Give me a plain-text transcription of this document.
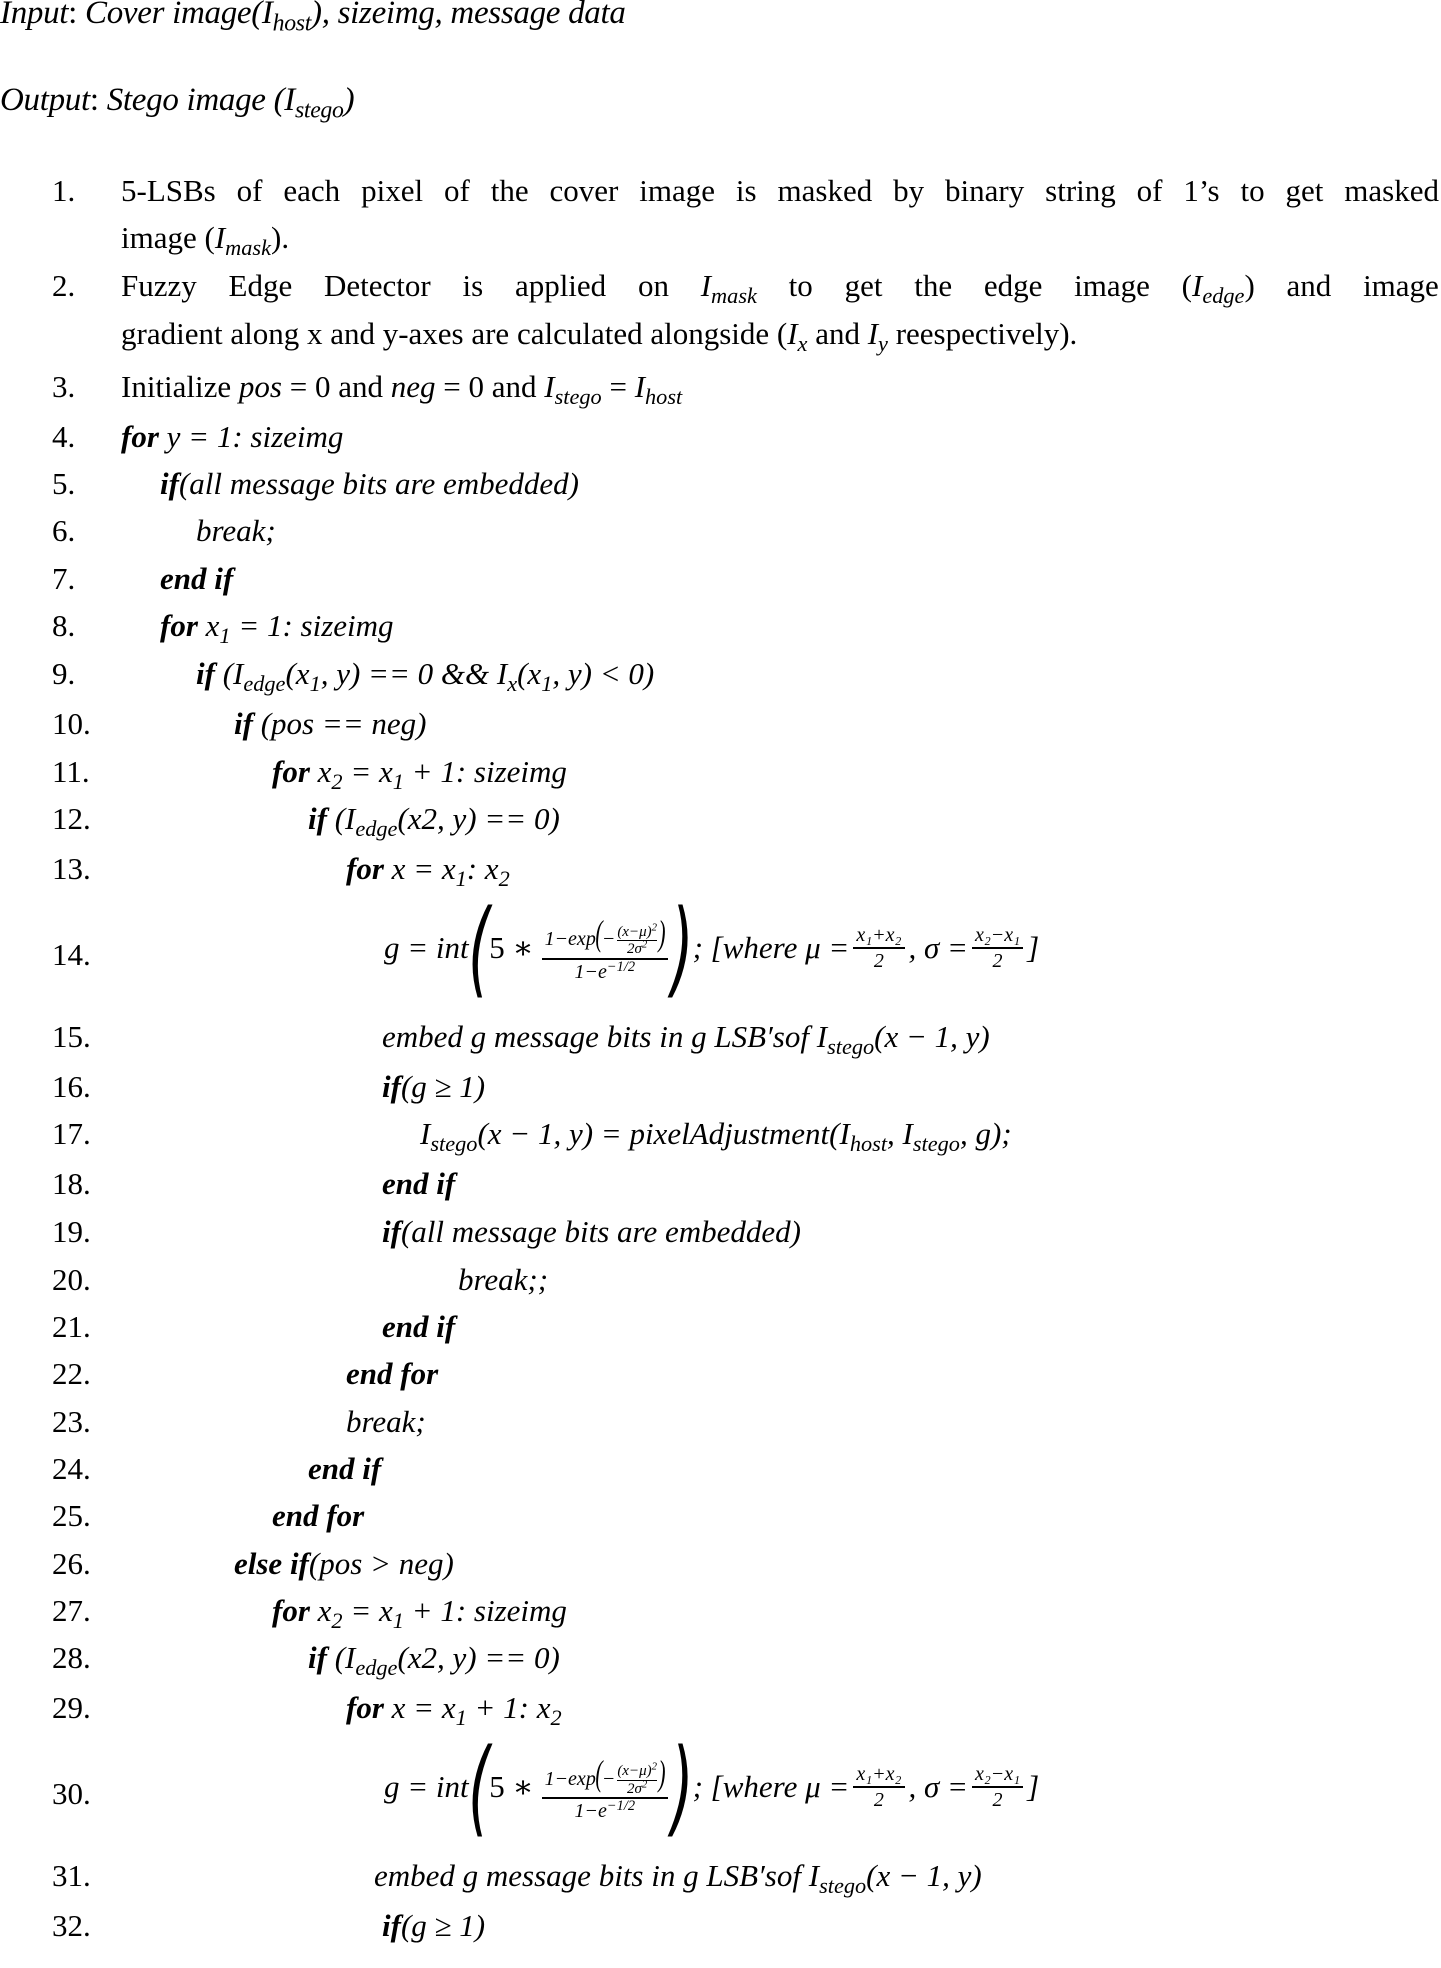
Input: Cover $image(I_{host})$, sizeimg, message data
Output: Stego image $(I_{stego})$
1.	5-LSBs of each pixel of the cover image is masked by binary string of 1’s to get masked
image $(I_{mask})$.
2.	Fuzzy Edge Detector is applied on $I_{mask}$ to get the edge image $(I_{edge})$ and image
gradient along x and y-axes are calculated alongside ($I_x$ and $I_y$ reespectively).
3.	Initialize pos = 0 and neg = 0 and $I_{stego} = I_{host}$
4.	for y = 1: sizeimg
5.	if(all message bits are embedded)
6.	break;
7.	end if
8.	for $x_1 = 1$: sizeimg
9.	if ($I_{edge}(x_1$, y) == 0 && $I_x(x_1$, y) < 0)
10.	if (pos == neg)
11.	for $x_2 = x_1 + 1$: sizeimg
12.	if ($I_{edge}(x2$, y) == 0)
13.	for $x = x_1$: $x_2$
14.	g = int ( 5 ∗ $\frac{1-\exp(- \frac{(x-\mu)^2}{2\sigma^2} )}{1-e^{-1/2}}$ ) ; [where $\mu = \frac{\text{x₁+x₂}}{2}$ , $\sigma = \frac{\text{x₂−x₁}}{2}$ ]
15.	embed g message bits in g LSB′sof $I_{stego}(x - 1$, y)
16.	if(g ≥ 1)
17.	$I_{stego}(x - 1$, $y) = pixelAdjustment(I_{host}$, $I_{stego}$, g);
18.	end if
19.	if(all message bits are embedded)
20.	break;;
21.	end if
22.	end for
23.	break;
24.	end if
25.	end for
26.	else if(pos > neg)
27.	for $x_2 = x_1 + 1$: sizeimg
28.	if ($I_{edge}(x2$, y) == 0)
29.	for $x = x_1 + 1$: $x_2$
30.	g = int ( 5 ∗ $\frac{1-\exp(- \frac{(x-\mu)^2}{2\sigma^2} )}{1-e^{-1/2}}$ ) ; [where $\mu = \frac{\text{x₁+x₂}}{2}$ , $\sigma = \frac{\text{x₂−x₁}}{2}$ ]
31.	embed g message bits in g LSB′sof $I_{stego}(x - 1$, y)
32.	if(g ≥ 1)
